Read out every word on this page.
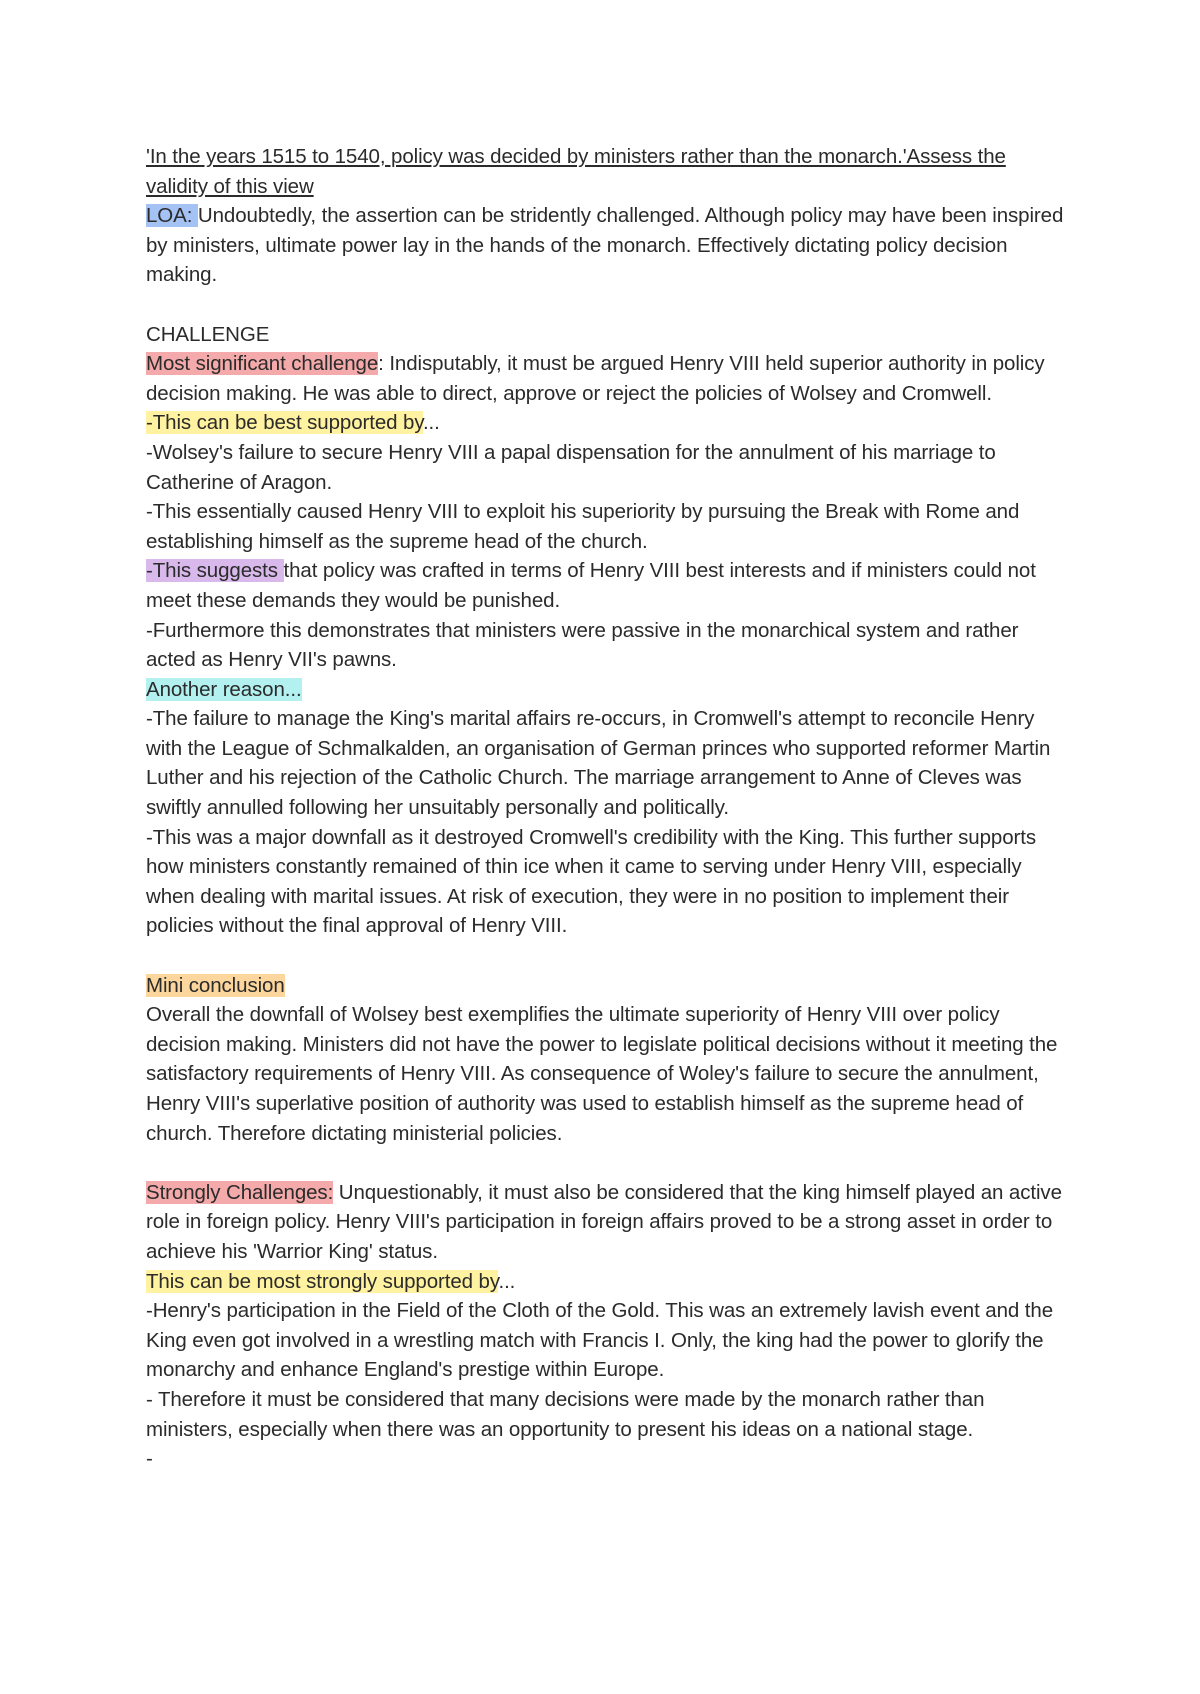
'In the years 1515 to 1540, policy was decided by ministers rather than the monarch.'Assess the validity of this view

LOA: Undoubtedly, the assertion can be stridently challenged. Although policy may have been inspired by ministers, ultimate power lay in the hands of the monarch. Effectively dictating policy decision making.

CHALLENGE

Most significant challenge: Indisputably, it must be argued Henry VIII held superior authority in policy decision making. He was able to direct, approve or reject the policies of Wolsey and Cromwell.

-This can be best supported by...

-Wolsey's failure to secure Henry VIII a papal dispensation for the annulment of his marriage to Catherine of Aragon.

-This essentially caused Henry VIII to exploit his superiority by pursuing the Break with Rome and establishing himself as the supreme head of the church.

-This suggests that policy was crafted in terms of Henry VIII best interests and if ministers could not meet these demands they would be punished.

-Furthermore this demonstrates that ministers were passive in the monarchical system and rather acted as Henry VII's pawns.

Another reason...

-The failure to manage the King's marital affairs re-occurs, in Cromwell's attempt to reconcile Henry with the League of Schmalkalden, an organisation of German princes who supported reformer Martin Luther and his rejection of the Catholic Church. The marriage arrangement to Anne of Cleves was swiftly annulled following her unsuitably personally and politically.

-This was a major downfall as it destroyed Cromwell's credibility with the King. This further supports how ministers constantly remained of thin ice when it came to serving under Henry VIII, especially when dealing with marital issues. At risk of execution, they were in no position to implement their policies without the final approval of Henry VIII.

Mini conclusion

Overall the downfall of Wolsey best exemplifies the ultimate superiority of Henry VIII over policy decision making. Ministers did not have the power to legislate political decisions without it meeting the satisfactory requirements of Henry VIII. As consequence of Woley's failure to secure the annulment, Henry VIII's superlative position of authority was used to establish himself as the supreme head of church. Therefore dictating ministerial policies.

Strongly Challenges: Unquestionably, it must also be considered that the king himself played an active role in foreign policy. Henry VIII's participation in foreign affairs proved to be a strong asset in order to achieve his 'Warrior King' status.

This can be most strongly supported by...

-Henry's participation in the Field of the Cloth of the Gold. This was an extremely lavish event and the King even got involved in a wrestling match with Francis I. Only, the king had the power to glorify the monarchy and enhance England's prestige within Europe.

- Therefore it must be considered that many decisions were made by the monarch rather than ministers, especially when there was an opportunity to present his ideas on a national stage.

-
